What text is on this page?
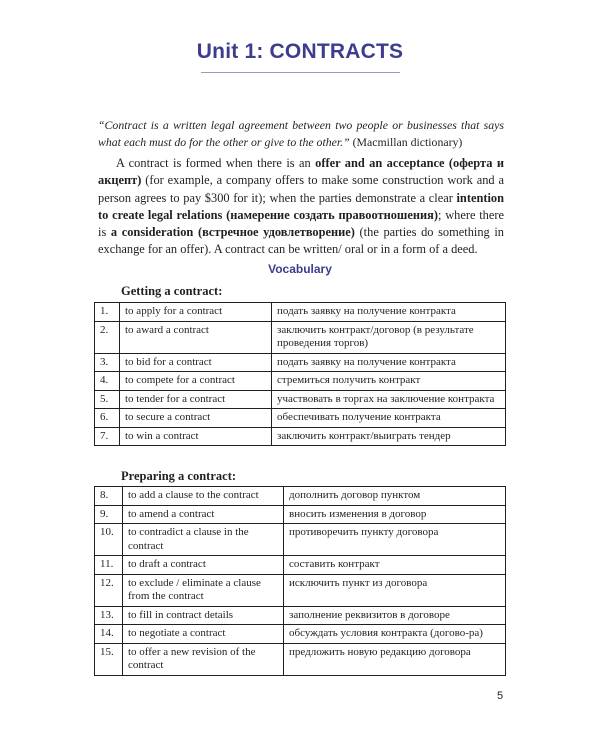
Unit 1: CONTRACTS
“Contract is a written legal agreement between two people or businesses that says what each must do for the other or give to the other.” (Macmillan dictionary)
A contract is formed when there is an offer and an acceptance (оферта и акцепт) (for example, a company offers to make some construction work and a person agrees to pay $300 for it); when the parties demonstrate a clear intention to create legal relations (намерение создать правоотношения); where there is a consideration (встречное удовлетворение) (the parties do something in exchange for an offer). A contract can be written/ oral or in a form of a deed.
Vocabulary
Getting a contract:
1.	to apply for a contract	подать заявку на получение контракта
2.	to award a contract	заключить контракт/договор (в результате проведения торгов)
3.	to bid for a contract	подать заявку на получение контракта
4.	to compete for a contract	стремиться получить контракт
5.	to tender for a contract	участвовать в торгах на заключение контракта
6.	to secure a contract	обеспечивать получение контракта
7.	to win a contract	заключить контракт/выиграть тендер
Preparing a contract:
8.	to add a clause to the contract	дополнить договор пунктом
9.	to amend a contract	вносить изменения в договор
10.	to contradict a clause in the contract	противоречить пункту договора
11.	to draft a contract	составить контракт
12.	to exclude / eliminate a clause from the contract	исключить пункт из договора
13.	to fill in contract details	заполнение реквизитов в договоре
14.	to negotiate a contract	обсуждать условия контракта (догово-ра)
15.	to offer a new revision of the contract	предложить новую редакцию договора
5
